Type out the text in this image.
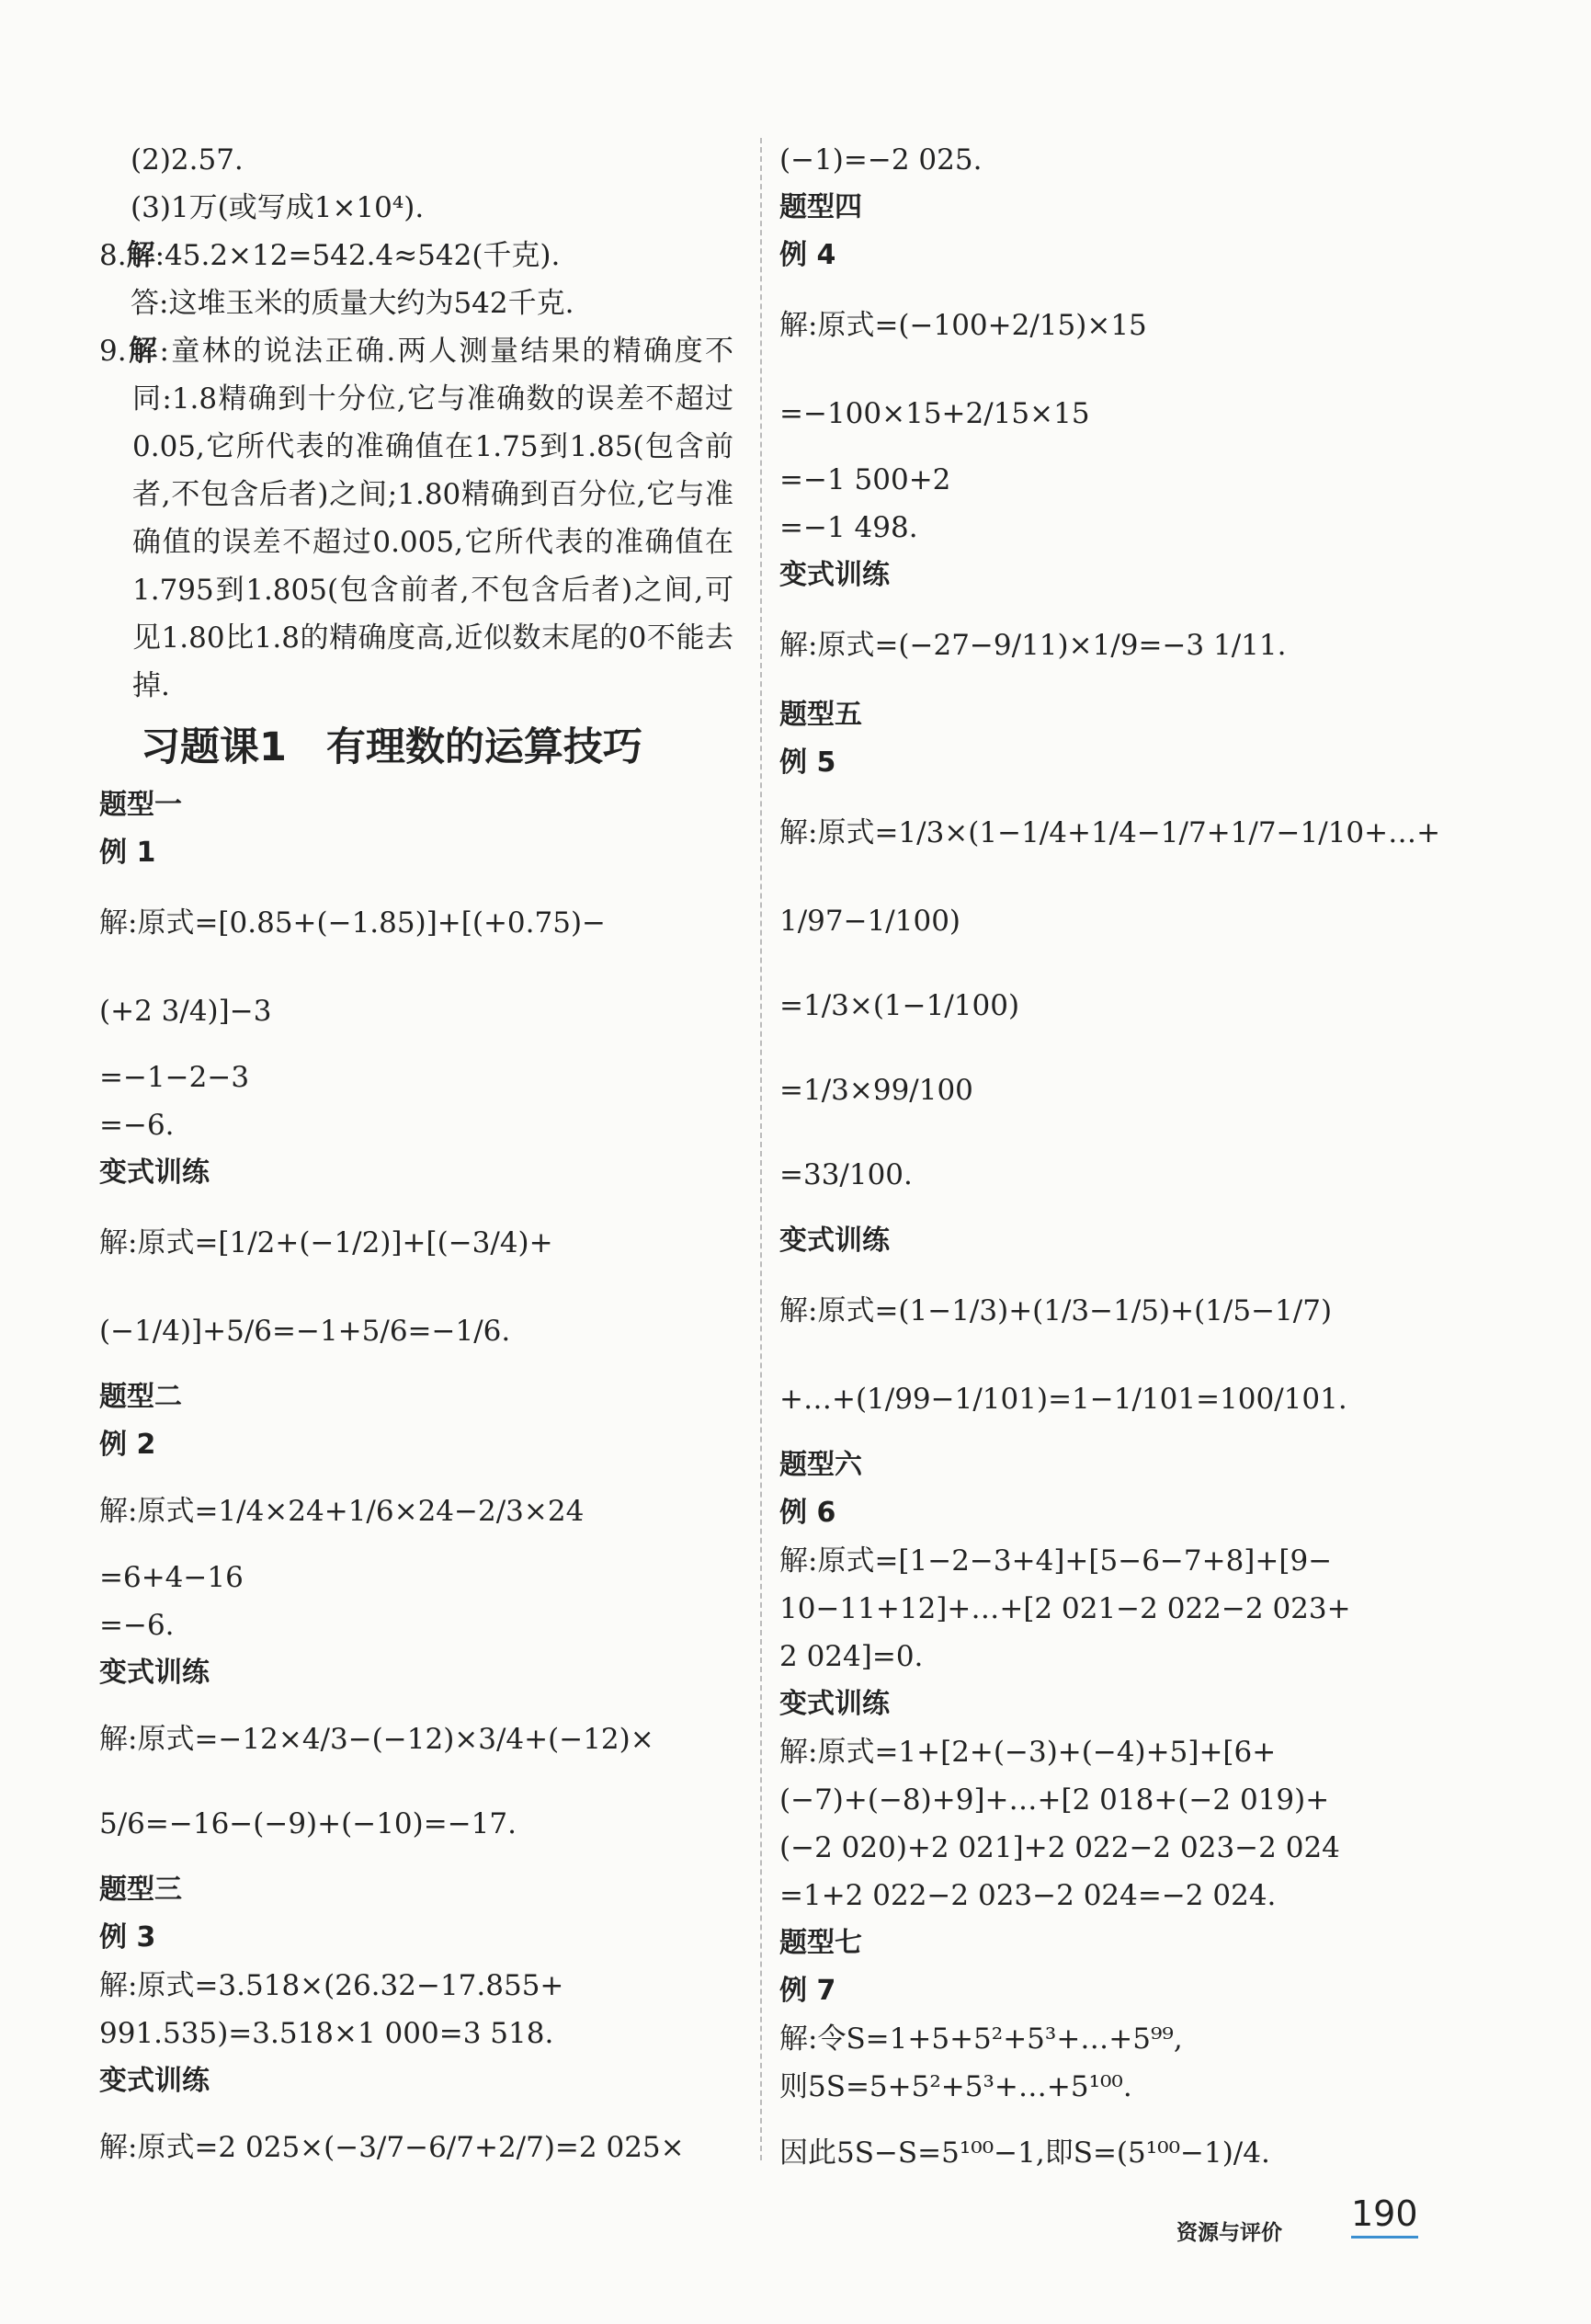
(2)2.57.
(3)1万(或写成1×10⁴).
8.解:45.2×12=542.4≈542(千克).
答:这堆玉米的质量大约为542千克.
9.解:童林的说法正确.两人测量结果的精确度不同:1.8精确到十分位,它与准确数的误差不超过0.05,它所代表的准确值在1.75到1.85(包含前者,不包含后者)之间;1.80精确到百分位,它与准确值的误差不超过0.005,它所代表的准确值在1.795到1.805(包含前者,不包含后者)之间,可见1.80比1.8的精确度高,近似数末尾的0不能去掉.
习题课1　有理数的运算技巧
题型一
例 1
解:原式=[0.85+(−1.85)]+[(+0.75)−
(+2 3/4)]−3
=−1−2−3
=−6.
变式训练
解:原式=[1/2+(−1/2)]+[(−3/4)+
(−1/4)]+5/6=−1+5/6=−1/6.
题型二
例 2
解:原式=1/4×24+1/6×24−2/3×24
=6+4−16
=−6.
变式训练
解:原式=−12×4/3−(−12)×3/4+(−12)×
5/6=−16−(−9)+(−10)=−17.
题型三
例 3
解:原式=3.518×(26.32−17.855+
991.535)=3.518×1 000=3 518.
变式训练
解:原式=2 025×(−3/7−6/7+2/7)=2 025×
(−1)=−2 025.
题型四
例 4
解:原式=(−100+2/15)×15
=−100×15+2/15×15
=−1 500+2
=−1 498.
变式训练
解:原式=(−27−9/11)×1/9=−3 1/11.
题型五
例 5
解:原式=1/3×(1−1/4+1/4−1/7+1/7−1/10+…+
1/97−1/100)
=1/3×(1−1/100)
=1/3×99/100
=33/100.
变式训练
解:原式=(1−1/3)+(1/3−1/5)+(1/5−1/7)
+…+(1/99−1/101)=1−1/101=100/101.
题型六
例 6
解:原式=[1−2−3+4]+[5−6−7+8]+[9−
10−11+12]+…+[2 021−2 022−2 023+
2 024]=0.
变式训练
解:原式=1+[2+(−3)+(−4)+5]+[6+
(−7)+(−8)+9]+…+[2 018+(−2 019)+
(−2 020)+2 021]+2 022−2 023−2 024
=1+2 022−2 023−2 024=−2 024.
题型七
例 7
解:令S=1+5+5²+5³+…+5⁹⁹,
则5S=5+5²+5³+…+5¹⁰⁰.
因此5S−S=5¹⁰⁰−1,即S=(5¹⁰⁰−1)/4.
资源与评价 190
